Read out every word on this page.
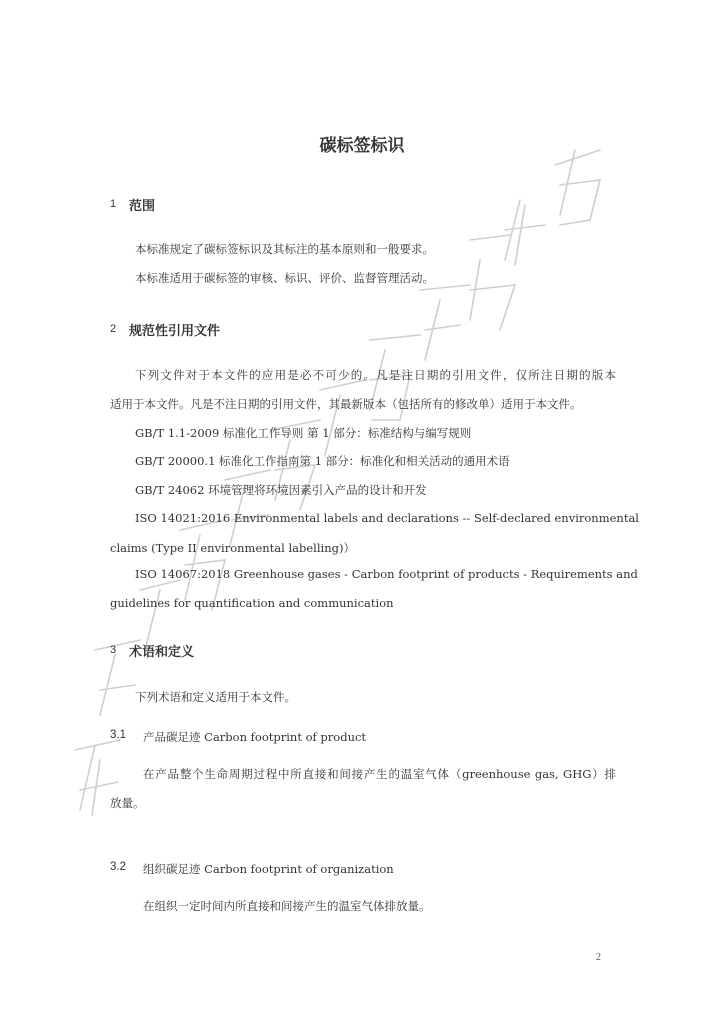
碳标签标识
1 范围
本标准规定了碳标签标识及其标注的基本原则和一般要求。
本标准适用于碳标签的审核、标识、评价、监督管理活动。
2 规范性引用文件
下列文件对于本文件的应用是必不可少的。凡是注日期的引用文件，仅所注日期的版本
适用于本文件。凡是不注日期的引用文件，其最新版本（包括所有的修改单）适用于本文件。
GB/T 1.1-2009 标准化工作导则 第 1 部分：标准结构与编写规则
GB/T 20000.1 标准化工作指南第 1 部分：标准化和相关活动的通用术语
GB/T 24062 环境管理将环境因素引入产品的设计和开发
ISO 14021:2016 Environmental labels and declarations -- Self-declared environmental
claims (Type II environmental labelling)）
ISO 14067:2018 Greenhouse gases - Carbon footprint of products - Requirements and
guidelines for quantification and communication
3 术语和定义
下列术语和定义适用于本文件。
3.1 产品碳足迹 Carbon footprint of product
在产品整个生命周期过程中所直接和间接产生的温室气体（greenhouse gas, GHG）排
放量。
3.2 组织碳足迹 Carbon footprint of organization
在组织一定时间内所直接和间接产生的温室气体排放量。
2
